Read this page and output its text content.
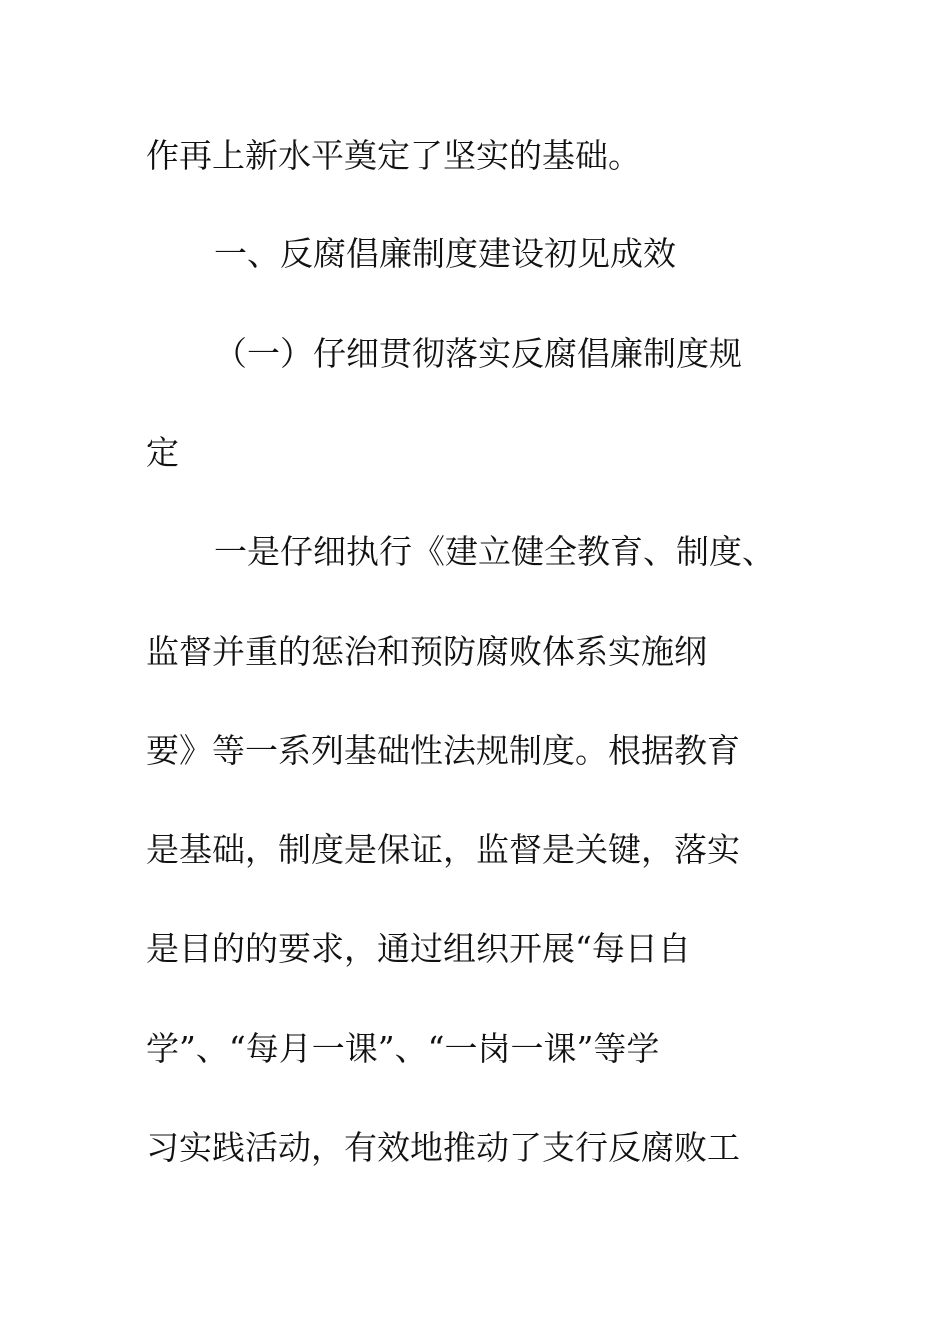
作再上新水平奠定了坚实的基础。
一、反腐倡廉制度建设初见成效
（一）仔细贯彻落实反腐倡廉制度规
定
一是仔细执行《建立健全教育、制度、
监督并重的惩治和预防腐败体系实施纲
要》等一系列基础性法规制度。根据教育
是基础，制度是保证，监督是关键，落实
是目的的要求，通过组织开展“每日自
学”、“每月一课”、“一岗一课”等学
习实践活动，有效地推动了支行反腐败工
